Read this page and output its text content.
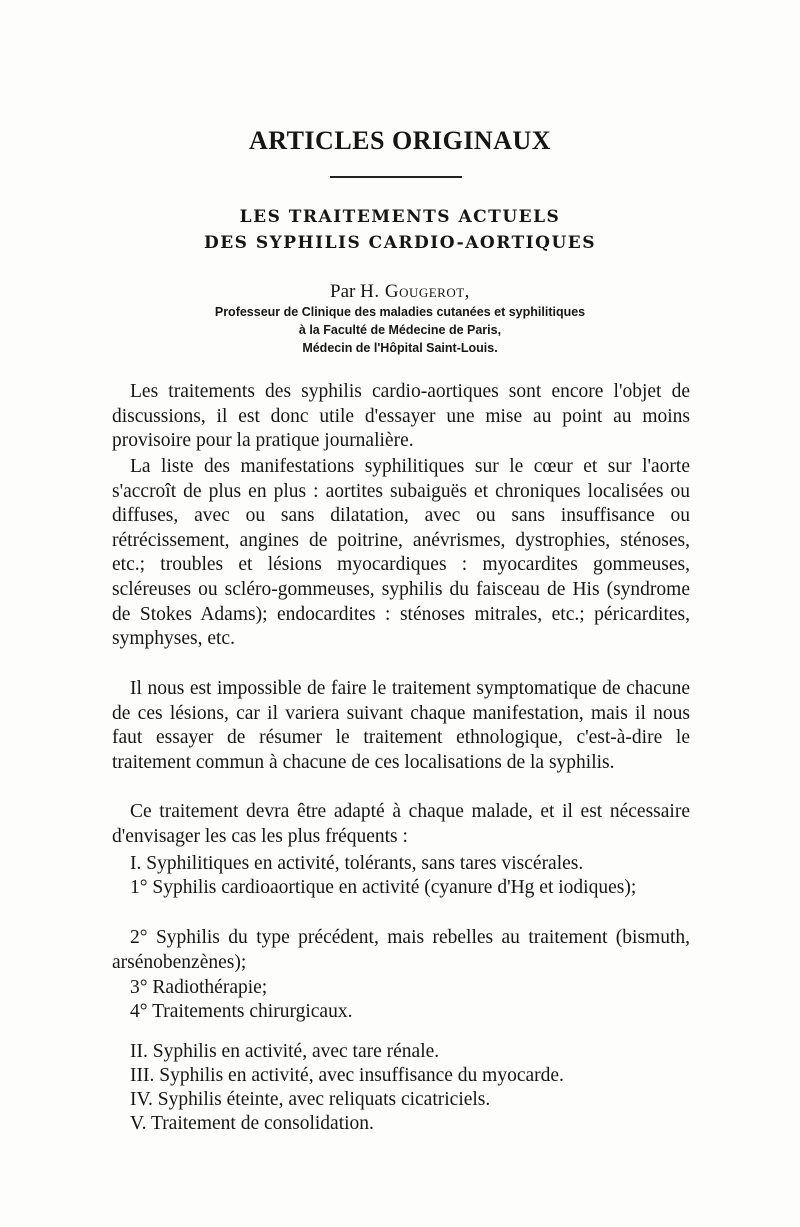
ARTICLES ORIGINAUX
LES TRAITEMENTS ACTUELS
DES SYPHILIS CARDIO-AORTIQUES
Par H. Gougerot,
Professeur de Clinique des maladies cutanées et syphilitiques
à la Faculté de Médecine de Paris,
Médecin de l'Hôpital Saint-Louis.
Les traitements des syphilis cardio-aortiques sont encore l'objet de discussions, il est donc utile d'essayer une mise au point au moins provisoire pour la pratique journalière.
La liste des manifestations syphilitiques sur le cœur et sur l'aorte s'accroît de plus en plus : aortites subaiguës et chroniques localisées ou diffuses, avec ou sans dilatation, avec ou sans insuffisance ou rétrécissement, angines de poitrine, anévrismes, dystrophies, sténoses, etc.; troubles et lésions myocardiques : myocardites gommeuses, scléreuses ou scléro-gommeuses, syphilis du faisceau de His (syndrome de Stokes Adams); endocardites : sténoses mitrales, etc.; péricardites, symphyses, etc.
Il nous est impossible de faire le traitement symptomatique de chacune de ces lésions, car il variera suivant chaque manifestation, mais il nous faut essayer de résumer le traitement ethnologique, c'est-à-dire le traitement commun à chacune de ces localisations de la syphilis.
Ce traitement devra être adapté à chaque malade, et il est nécessaire d'envisager les cas les plus fréquents :
I. Syphilitiques en activité, tolérants, sans tares viscérales.
1° Syphilis cardioaortique en activité (cyanure d'Hg et iodiques);
2° Syphilis du type précédent, mais rebelles au traitement (bismuth, arsénobenzènes);
3° Radiothérapie;
4° Traitements chirurgicaux.
II. Syphilis en activité, avec tare rénale.
III. Syphilis en activité, avec insuffisance du myocarde.
IV. Syphilis éteinte, avec reliquats cicatriciels.
V. Traitement de consolidation.
